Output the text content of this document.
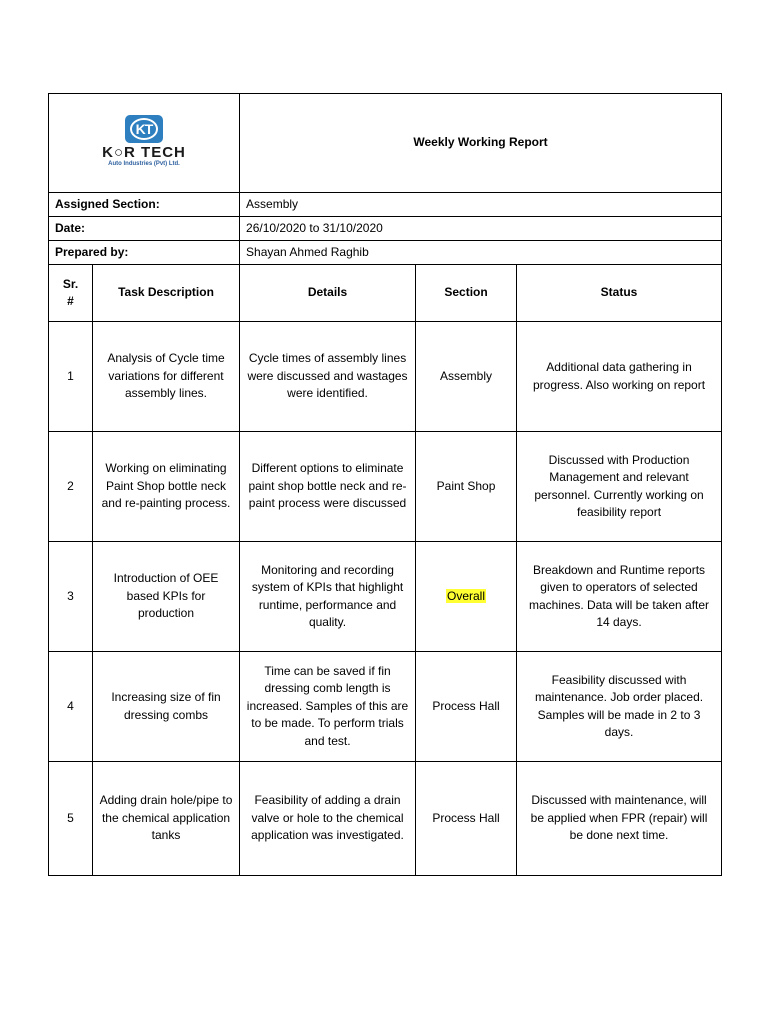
KT
K○R TECH
Auto Industries (Pvt) Ltd.		Weekly Working Report		
Assigned Section:		Assembly		
Date:		26/10/2020 to 31/10/2020		
Prepared by:		Shayan Ahmed Raghib		
Sr. #	Task Description	Details	Section	Status
1	Analysis of Cycle time variations for different assembly lines.	Cycle times of assembly lines were discussed and wastages were identified.	Assembly	Additional data gathering in progress. Also working on report
2	Working on eliminating Paint Shop bottle neck and re-painting process.	Different options to eliminate paint shop bottle neck and re-paint process were discussed	Paint Shop	Discussed with Production Management and relevant personnel. Currently working on feasibility report
3	Introduction of OEE based KPIs for production	Monitoring and recording system of KPIs that highlight runtime, performance and quality.	Overall	Breakdown and Runtime reports given to operators of selected machines. Data will be taken after 14 days.
4	Increasing size of fin dressing combs	Time can be saved if fin dressing comb length is increased. Samples of this are to be made. To perform trials and test.	Process Hall	Feasibility discussed with maintenance. Job order placed. Samples will be made in 2 to 3 days.
5	Adding drain hole/pipe to the chemical application tanks	Feasibility of adding a drain valve or hole to the chemical application was investigated.	Process Hall	Discussed with maintenance, will be applied when FPR (repair) will be done next time.
